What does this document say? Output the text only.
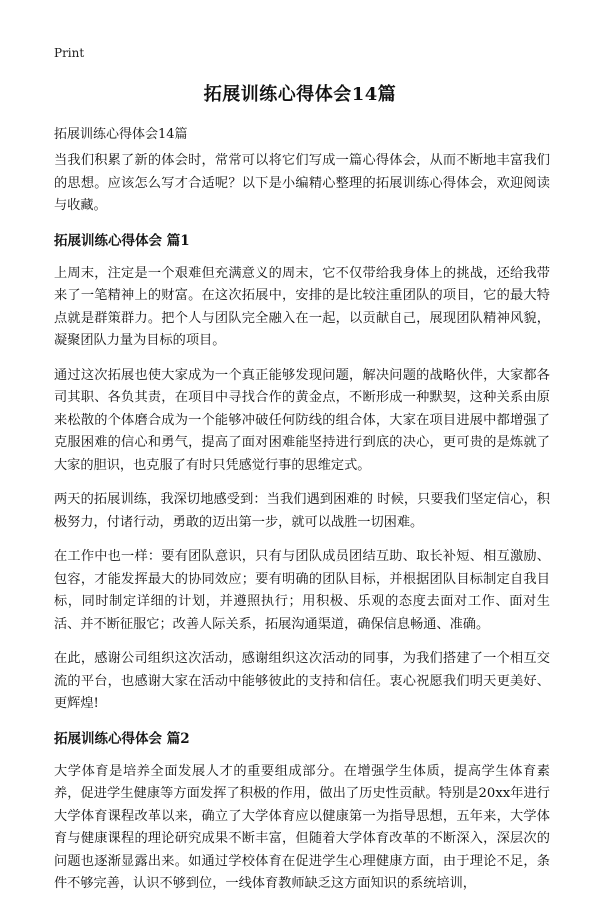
Print
拓展训练心得体会14篇
拓展训练心得体会14篇

当我们积累了新的体会时，常常可以将它们写成一篇心得体会，从而不断地丰富我们的思想。应该怎么写才合适呢？以下是小编精心整理的拓展训练心得体会，欢迎阅读与收藏。

拓展训练心得体会 篇1

上周末，注定是一个艰难但充满意义的周末，它不仅带给我身体上的挑战，还给我带来了一笔精神上的财富。在这次拓展中，安排的是比较注重团队的项目，它的最大特点就是群策群力。把个人与团队完全融入在一起，以贡献自己，展现团队精神风貌，凝聚团队力量为目标的项目。

通过这次拓展也使大家成为一个真正能够发现问题，解决问题的战略伙伴，大家都各司其职、各负其责，在项目中寻找合作的黄金点，不断形成一种默契，这种关系由原来松散的个体磨合成为一个能够冲破任何防线的组合体，大家在项目进展中都增强了克服困难的信心和勇气，提高了面对困难能坚持进行到底的决心，更可贵的是炼就了大家的胆识，也克服了有时只凭感觉行事的思维定式。

两天的拓展训练，我深切地感受到：当我们遇到困难的 时候，只要我们坚定信心，积极努力，付诸行动，勇敢的迈出第一步，就可以战胜一切困难。

在工作中也一样：要有团队意识，只有与团队成员团结互助、取长补短、相互激励、包容，才能发挥最大的协同效应；要有明确的团队目标，并根据团队目标制定自我目标，同时制定详细的计划，并遵照执行；用积极、乐观的态度去面对工作、面对生活、并不断征服它；改善人际关系，拓展沟通渠道，确保信息畅通、准确。

在此，感谢公司组织这次活动，感谢组织这次活动的同事，为我们搭建了一个相互交流的平台，也感谢大家在活动中能够彼此的支持和信任。衷心祝愿我们明天更美好、更辉煌!

拓展训练心得体会 篇2

大学体育是培养全面发展人才的重要组成部分。在增强学生体质，提高学生体育素养，促进学生健康等方面发挥了积极的作用，做出了历史性贡献。特别是20xx年进行大学体育课程改革以来，确立了大学体育应以健康第一为指导思想，五年来，大学体育与健康课程的理论研究成果不断丰富，但随着大学体育改革的不断深入，深层次的问题也逐渐显露出来。如通过学校体育在促进学生心理健康方面，由于理论不足，条件不够完善，认识不够到位，一线体育教师缺乏这方面知识的系统培训，
